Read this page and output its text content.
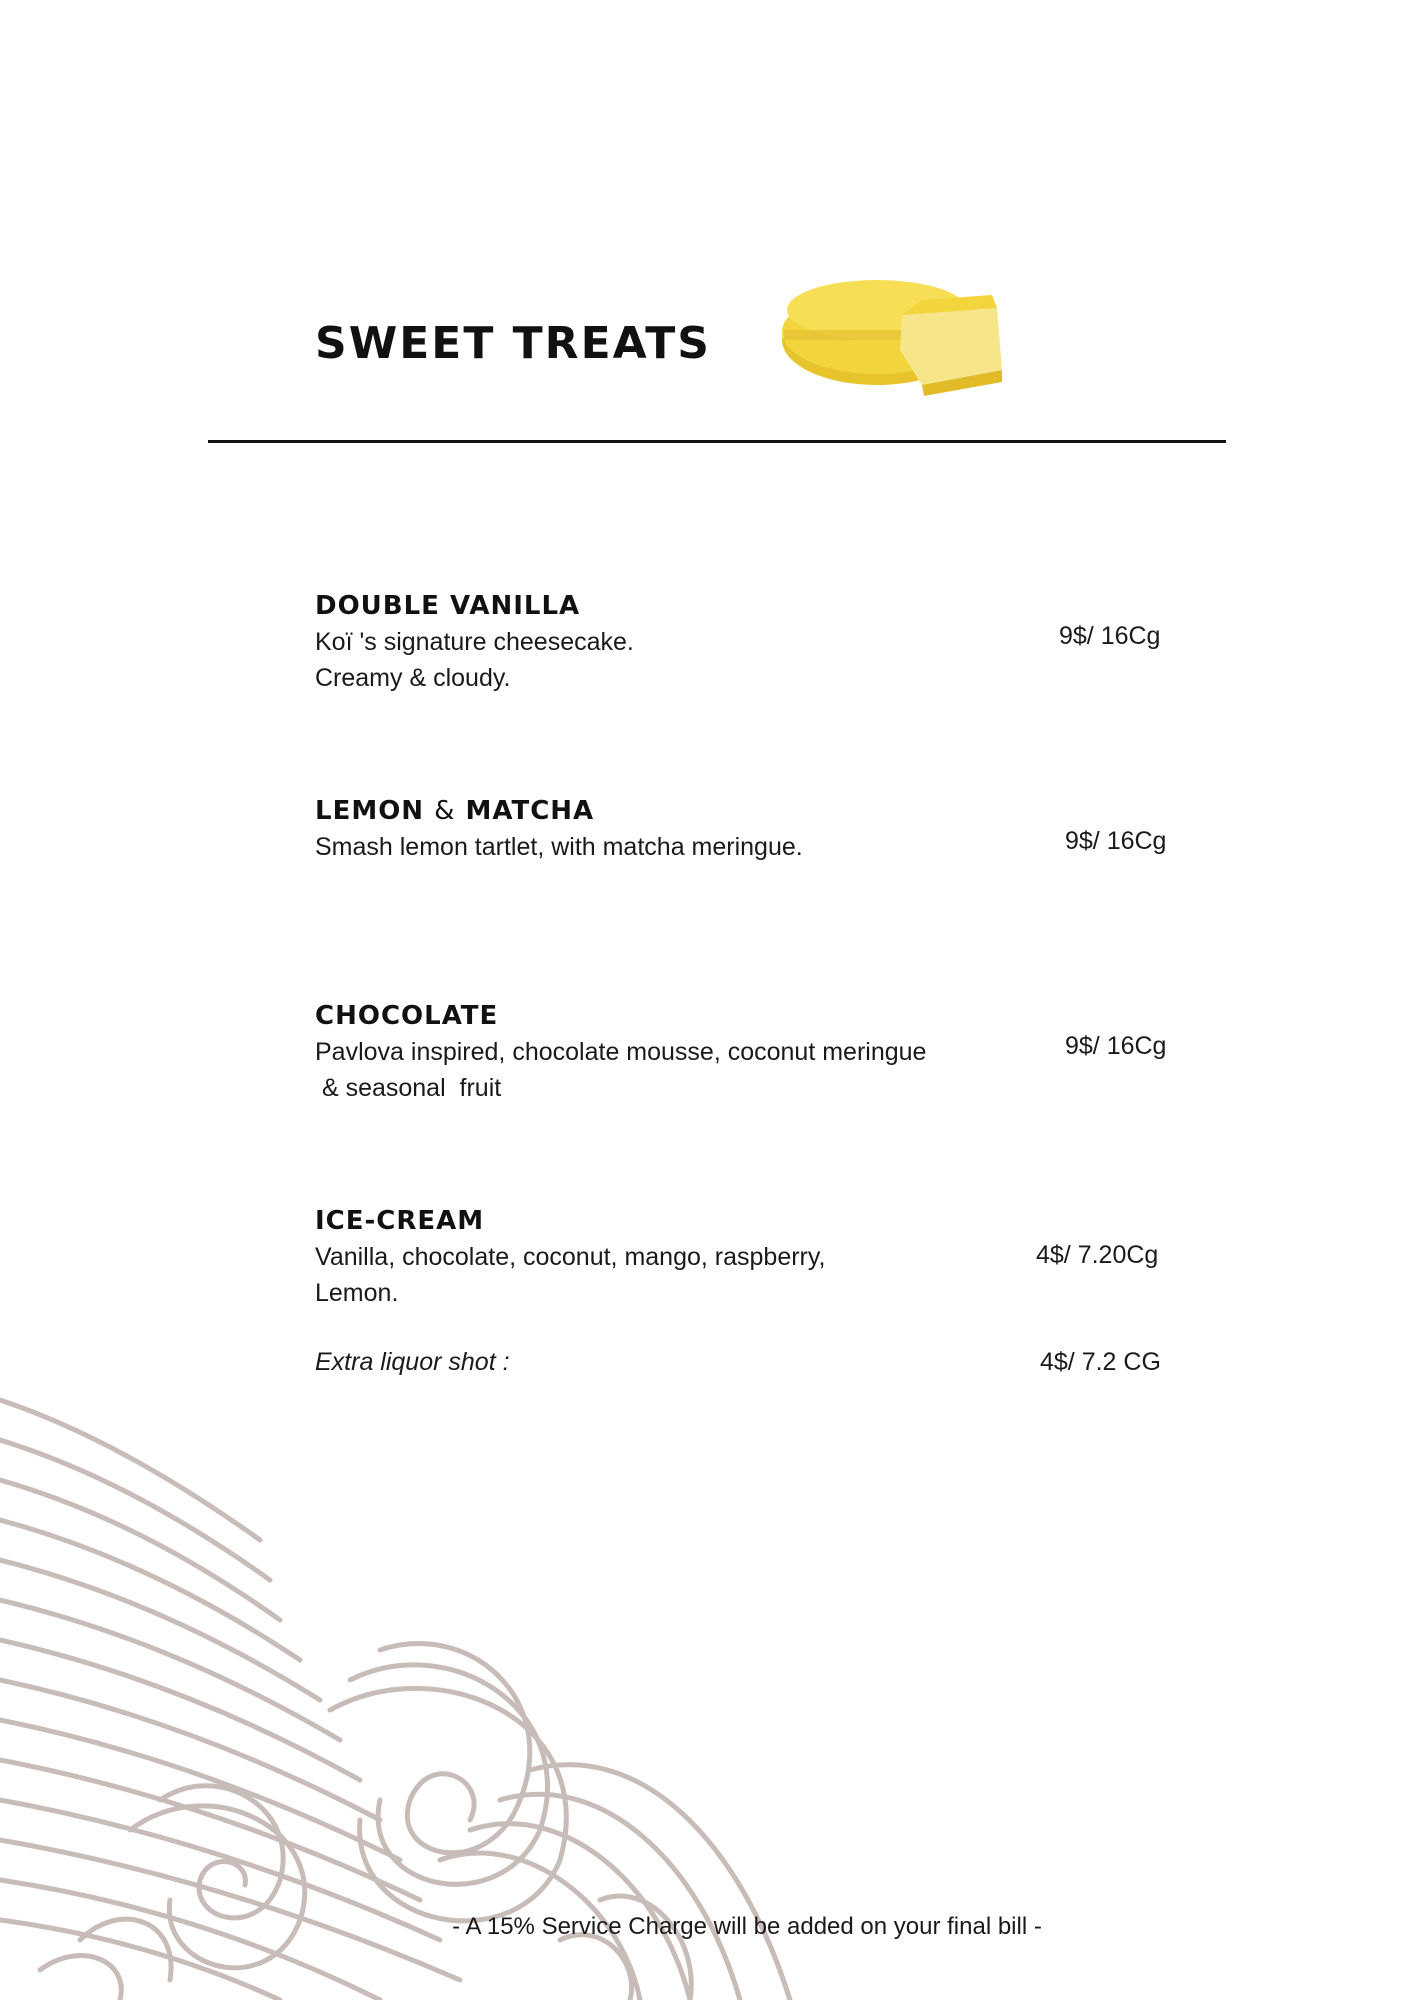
SWEET TREATS

DOUBLE VANILLA

Koï 's signature cheesecake.

Creamy & cloudy.

9$/ 16Cg

LEMON & MATCHA

Smash lemon tartlet, with matcha meringue.	9$/ 16Cg

CHOCOLATE

Pavlova inspired, chocolate mousse, coconut meringue

& seasonal  fruit

9$/ 16Cg

ICE-CREAM

Vanilla, chocolate, coconut, mango, raspberry,

Lemon.

4$/ 7.20Cg
Extra liquor shot :	4$/ 7.2 CG
- A 15% Service Charge will be added on your final bill -
